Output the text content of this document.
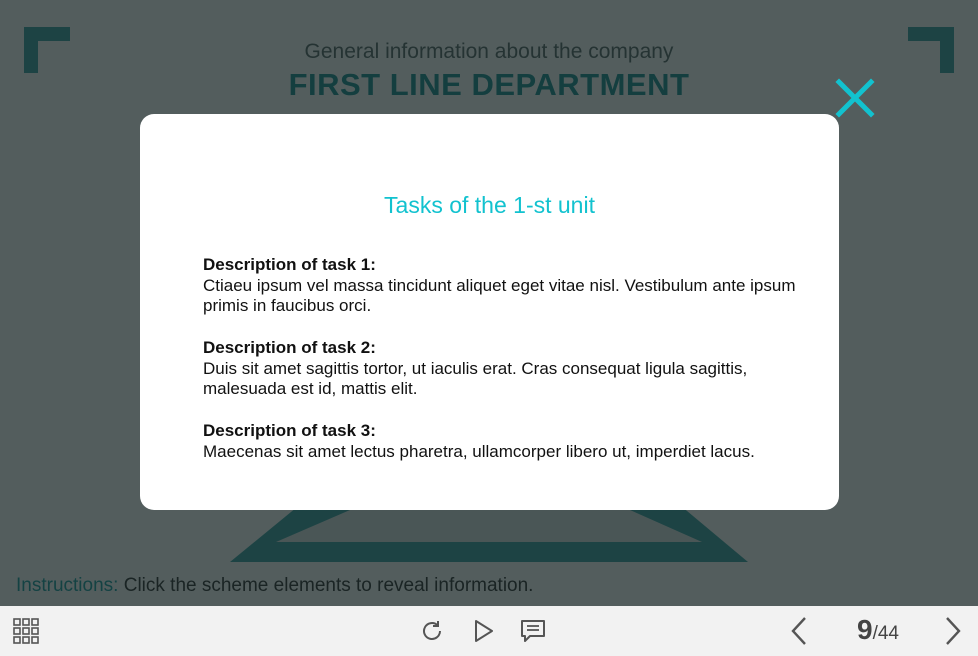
Tasks of the 1-st unit
Description of task 1:
Ctiaeu ipsum vel massa tincidunt aliquet eget vitae nisl. Vestibulum ante ipsum primis in faucibus orci.
Description of task 2:
Duis sit amet sagittis tortor, ut iaculis erat. Cras consequat ligula sagittis, malesuada est id, mattis elit.
Description of task 3:
Maecenas sit amet lectus pharetra, ullamcorper libero ut, imperdiet lacus.
9/44
